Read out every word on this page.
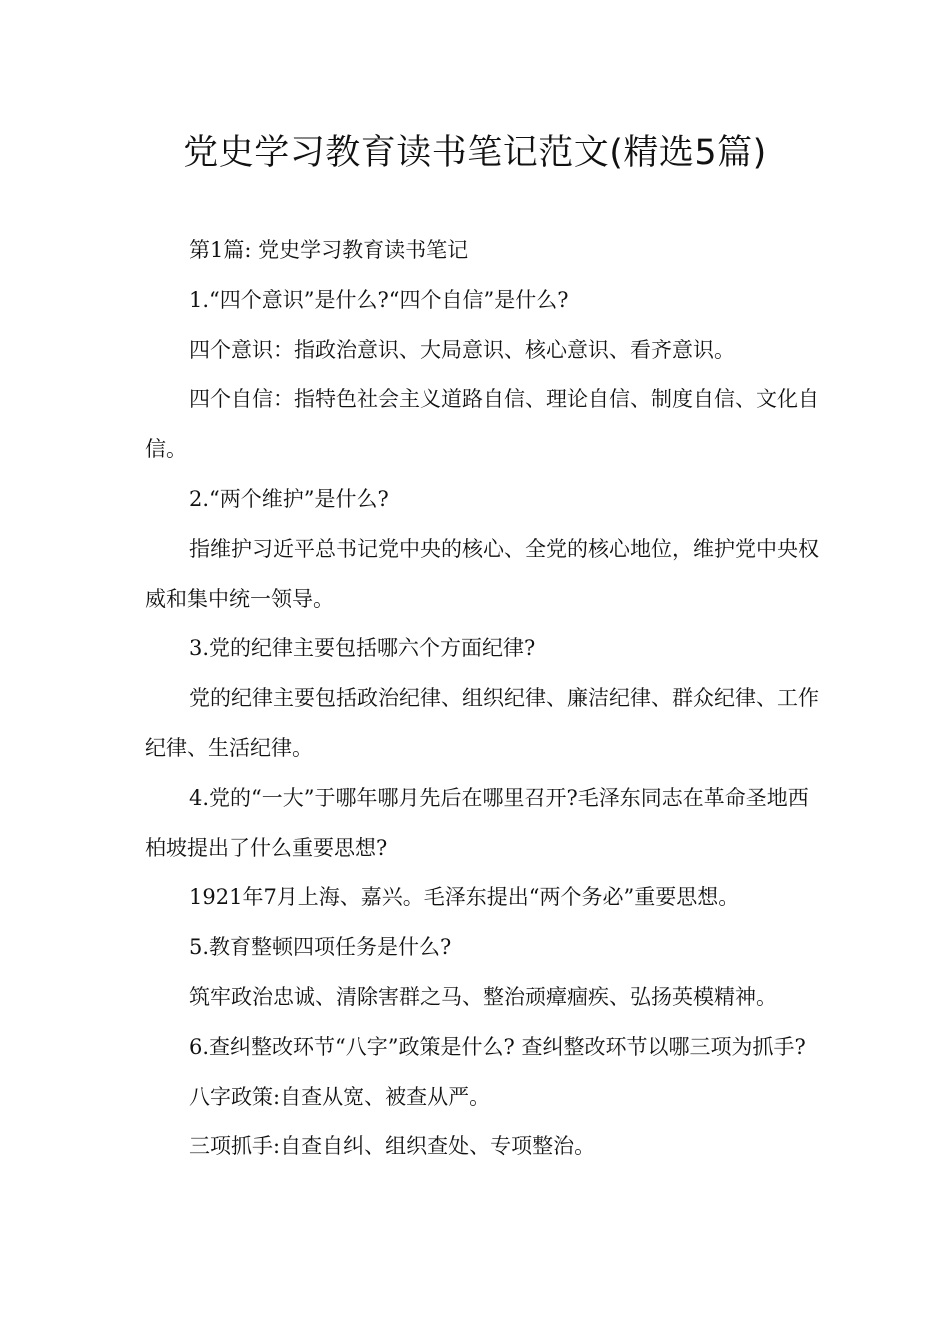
党史学习教育读书笔记范文(精选5篇)

第1篇: 党史学习教育读书笔记

1.“四个意识”是什么?“四个自信”是什么?

四个意识：指政治意识、大局意识、核心意识、看齐意识。

四个自信：指特色社会主义道路自信、理论自信、制度自信、文化自信。

2.“两个维护”是什么?

指维护习近平总书记党中央的核心、全党的核心地位，维护党中央权威和集中统一领导。

3.党的纪律主要包括哪六个方面纪律?

党的纪律主要包括政治纪律、组织纪律、廉洁纪律、群众纪律、工作纪律、生活纪律。

4.党的“一大”于哪年哪月先后在哪里召开?毛泽东同志在革命圣地西柏坡提出了什么重要思想?

1921年7月上海、嘉兴。毛泽东提出“两个务必”重要思想。

5.教育整顿四项任务是什么?

筑牢政治忠诚、清除害群之马、整治顽瘴痼疾、弘扬英模精神。

6.查纠整改环节“八字”政策是什么? 查纠整改环节以哪三项为抓手?

八字政策:自查从宽、被查从严。

三项抓手:自查自纠、组织查处、专项整治。
